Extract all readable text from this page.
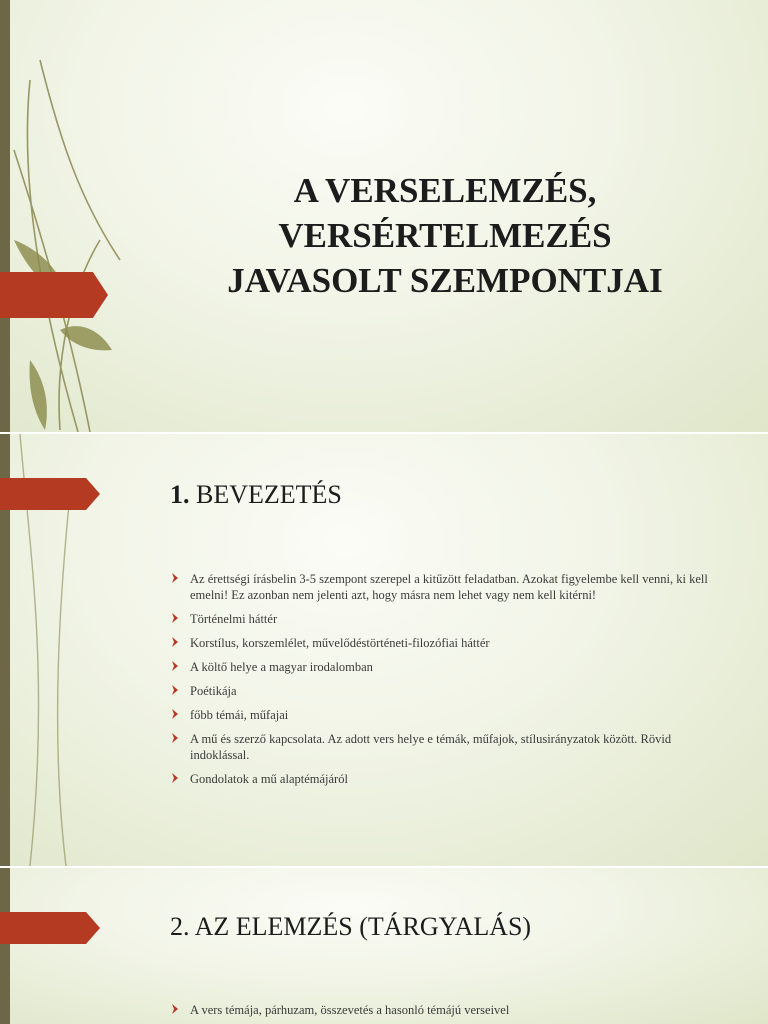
A VERSELEMZÉS,
VERSÉRTELMEZÉS
JAVASOLT SZEMPONTJAI
1. BEVEZETÉS
Az érettségi írásbelin 3-5 szempont szerepel a kitűzött feladatban. Azokat figyelembe kell venni, ki kell emelni! Ez azonban nem jelenti azt, hogy másra nem lehet vagy nem kell kitérni!
Történelmi háttér
Korstílus, korszemlélet, művelődéstörténeti-filozófiai háttér
A költő helye a magyar irodalomban
Poétikája
főbb témái, műfajai
A mű és szerző kapcsolata. Az adott vers helye e témák, műfajok, stílusirányzatok között. Rövid indoklással.
Gondolatok a mű alaptémájáról
2. AZ ELEMZÉS (TÁRGYALÁS)
A vers témája, párhuzam, összevetés a hasonló témájú verseivel
